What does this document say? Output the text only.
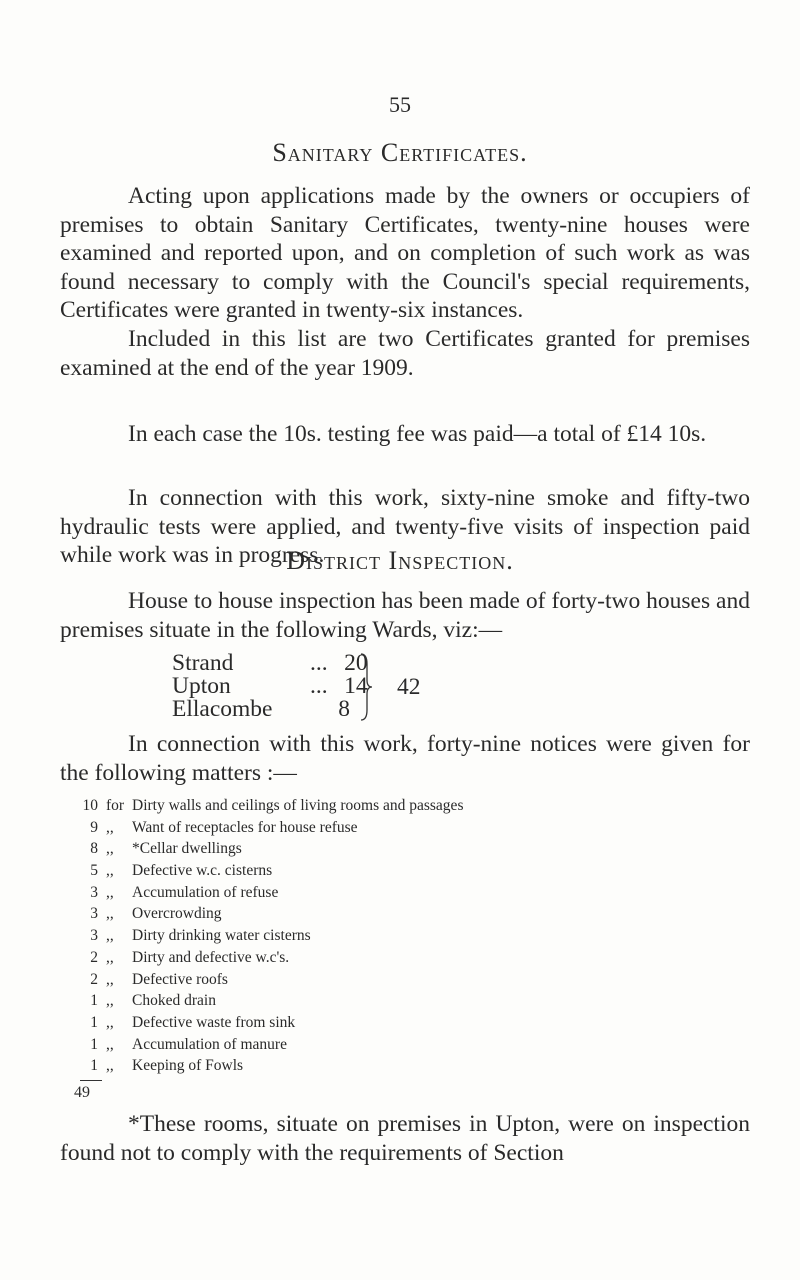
55
Sanitary Certificates.

Acting upon applications made by the owners or occupiers of premises to obtain Sanitary Certificates, twenty-nine houses were examined and reported upon, and on completion of such work as was found necessary to comply with the Council's special requirements, Certificates were granted in twenty-six instances.

Included in this list are two Certificates granted for premises examined at the end of the year 1909.

In each case the 10s. testing fee was paid—a total of £14 10s.

In connection with this work, sixty-nine smoke and fifty-two hydraulic tests were applied, and twenty-five visits of inspection paid while work was in progress.

District Inspection.

House to house inspection has been made of forty-two houses and premises situate in the following Wards, viz:—

Strand	... 20
Upton	... 14
Ellacombe	8
42

In connection with this work, forty-nine notices were given for the following matters :—

10 for Dirty walls and ceilings of living rooms and passages
9 ,, Want of receptacles for house refuse
8 ,, *Cellar dwellings
5 ,, Defective w.c. cisterns
3 ,, Accumulation of refuse
3 ,, Overcrowding
3 ,, Dirty drinking water cisterns
2 ,, Dirty and defective w.c's.
2 ,, Defective roofs
1 ,, Choked drain
1 ,, Defective waste from sink
1 ,, Accumulation of manure
1 ,, Keeping of Fowls
49

*These rooms, situate on premises in Upton, were on inspection found not to comply with the requirements of Section
